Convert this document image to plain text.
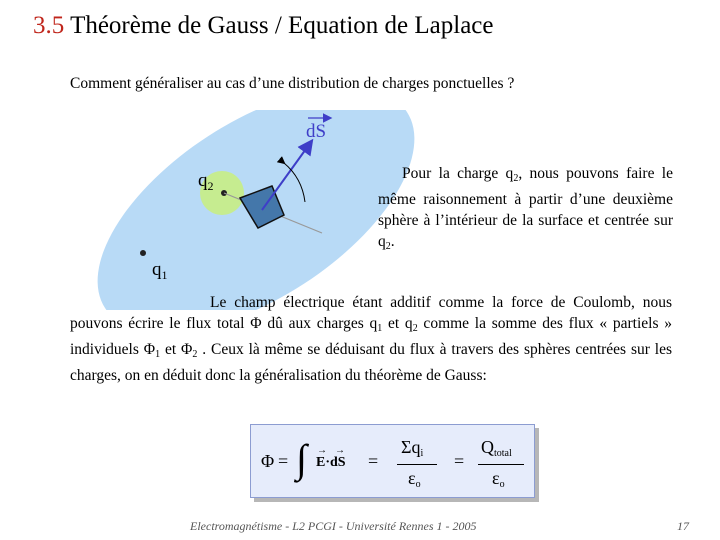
3.5 Théorème de Gauss / Equation de Laplace
Comment généraliser au cas d’une distribution de charges ponctuelles ?
dS
$q_2$
$q_1$
Pour la charge $q_2$, nous pouvons faire le même raisonnement à partir d’une deuxième sphère à l’intérieur de la surface et centrée sur $q_2$.
Le champ électrique étant additif comme la force de Coulomb, nous pouvons écrire le flux total Φ dû aux charges $q_1$ et $q_2$ comme la somme des flux « partiels » individuels $\Phi_1$ et $\Phi_2$ . Ceux là même se déduisant du flux à travers des sphères centrées sur les charges, on en déduit donc la généralisation du théorème de Gauss:
Φ = ∫ E·dS
→ →
=
$\Sigma q_i$
$\varepsilon_o$
=
$Q_{total}$
$\varepsilon_o$
Electromagnétisme - L2 PCGI - Université Rennes 1 - 2005	17
